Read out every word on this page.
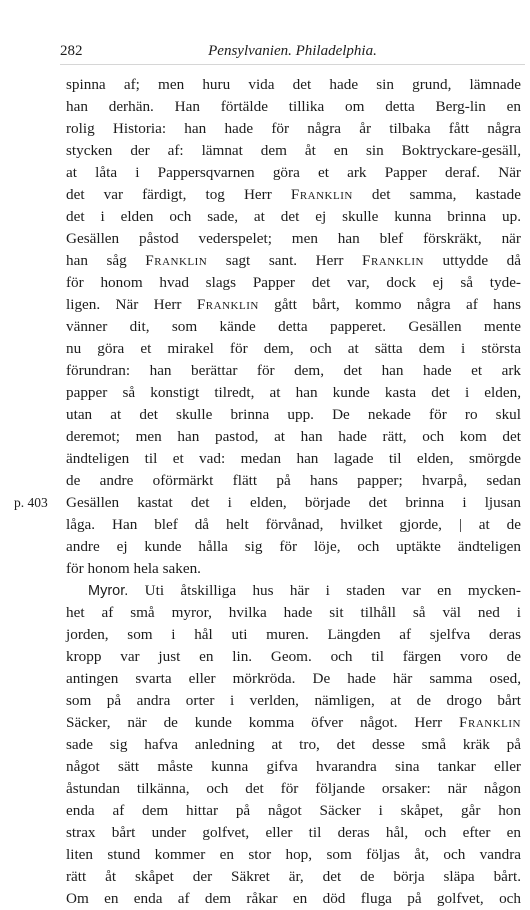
282	Pensylvanien. Philadelphia.
p. 403
spinna af; men huru vida det hade sin grund, lämnade
han derhän. Han förtälde tillika om detta Berg-lin en
rolig Historia: han hade för några år tilbaka fått några
stycken der af: lämnat dem åt en sin Boktryckare-gesäll,
at låta i Pappersqvarnen göra et ark Papper deraf. När
det var färdigt, tog Herr Franklin det samma, kastade
det i elden och sade, at det ej skulle kunna brinna up.
Gesällen påstod vederspelet; men han blef förskräkt, när
han såg Franklin sagt sant. Herr Franklin uttydde då
för honom hvad slags Papper det var, dock ej så tyde-
ligen. När Herr Franklin gått bårt, kommo några af hans
vänner dit, som kände detta papperet. Gesällen mente
nu göra et mirakel för dem, och at sätta dem i största
förundran: han berättar för dem, det han hade et ark
papper så konstigt tilredt, at han kunde kasta det i elden,
utan at det skulle brinna upp. De nekade för ro skul
deremot; men han pastod, at han hade rätt, och kom det
ändteligen til et vad: medan han lagade til elden, smörgde
de andre oförmärkt flätt på hans papper; hvarpå, sedan
Gesällen kastat det i elden, började det brinna i ljusan
låga. Han blef då helt förvånad, hvilket gjorde, | at de
andre ej kunde hålla sig för löje, och uptäkte ändteligen
för honom hela saken.
Myror. Uti åtskilliga hus här i staden var en mycken-
het af små myror, hvilka hade sit tilhåll så väl ned i
jorden, som i hål uti muren. Längden af sjelfva deras
kropp var just en lin. Geom. och til färgen voro de
antingen svarta eller mörkröda. De hade här samma osed,
som på andra orter i verlden, nämligen, at de drogo bårt
Säcker, när de kunde komma öfver något. Herr Franklin
sade sig hafva anledning at tro, det desse små kräk på
något sätt måste kunna gifva hvarandra sina tankar eller
åstundan tilkänna, och det för följande orsaker: när någon
enda af dem hittar på något Säcker i skåpet, går hon
strax bårt under golfvet, eller til deras hål, och efter en
liten stund kommer en stor hop, som följas åt, och vandra
rätt åt skåpet der Säkret är, det de börja släpa bårt.
Om en enda af dem råkar en död fluga på golfvet, och
